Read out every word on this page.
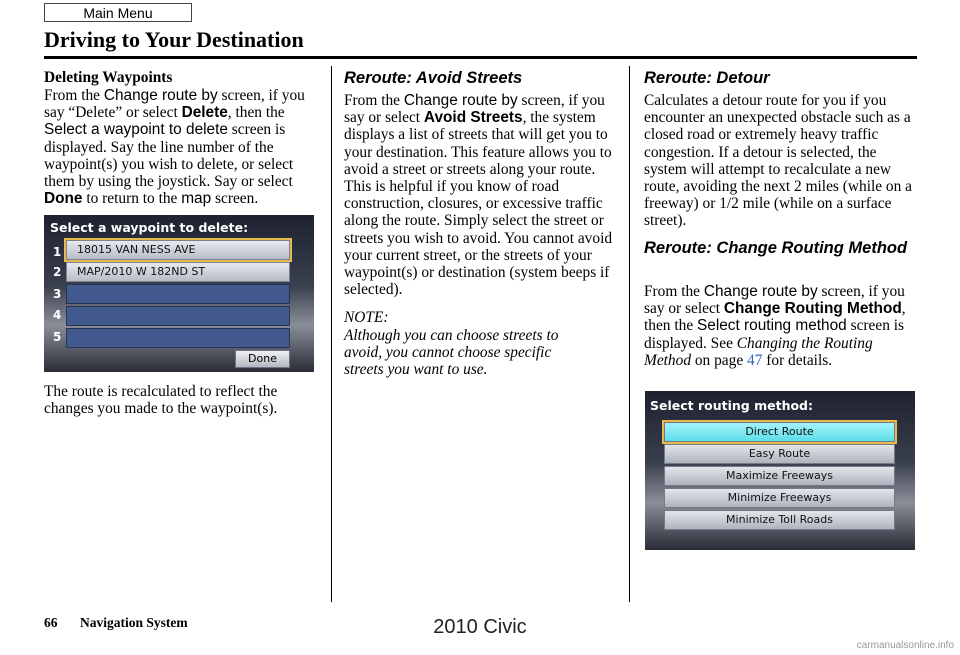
Main Menu
Driving to Your Destination
Deleting Waypoints
From the Change route by screen, if you say “Delete” or select Delete, then the Select a waypoint to delete screen is displayed. Say the line number of the waypoint(s) you wish to delete, or select them by using the joystick. Say or select Done to return to the map screen.
Select a waypoint to delete:
1	18015 VAN NESS AVE
2	MAP/2010 W 182ND ST
3
4
5
Done
The route is recalculated to reflect the changes you made to the waypoint(s).
Reroute: Avoid Streets
From the Change route by screen, if you say or select Avoid Streets, the system displays a list of streets that will get you to your destination. This feature allows you to avoid a street or streets along your route. This is helpful if you know of road construction, closures, or excessive traffic along the route. Simply select the street or streets you wish to avoid. You cannot avoid your current street, or the streets of your waypoint(s) or destination (system beeps if selected).
NOTE:
Although you can choose streets to avoid, you cannot choose specific streets you want to use.
Reroute: Detour
Calculates a detour route for you if you encounter an unexpected obstacle such as a closed road or extremely heavy traffic congestion. If a detour is selected, the system will attempt to recalculate a new route, avoiding the next 2 miles (while on a freeway) or 1/2 mile (while on a surface street).
Reroute: Change Routing Method
From the Change route by screen, if you say or select Change Routing Method, then the Select routing method screen is displayed. See Changing the Routing Method on page 47 for details.
Select routing method:
Direct Route
Easy Route
Maximize Freeways
Minimize Freeways
Minimize Toll Roads
66 Navigation System	2010 Civic
carmanualsonline.info
